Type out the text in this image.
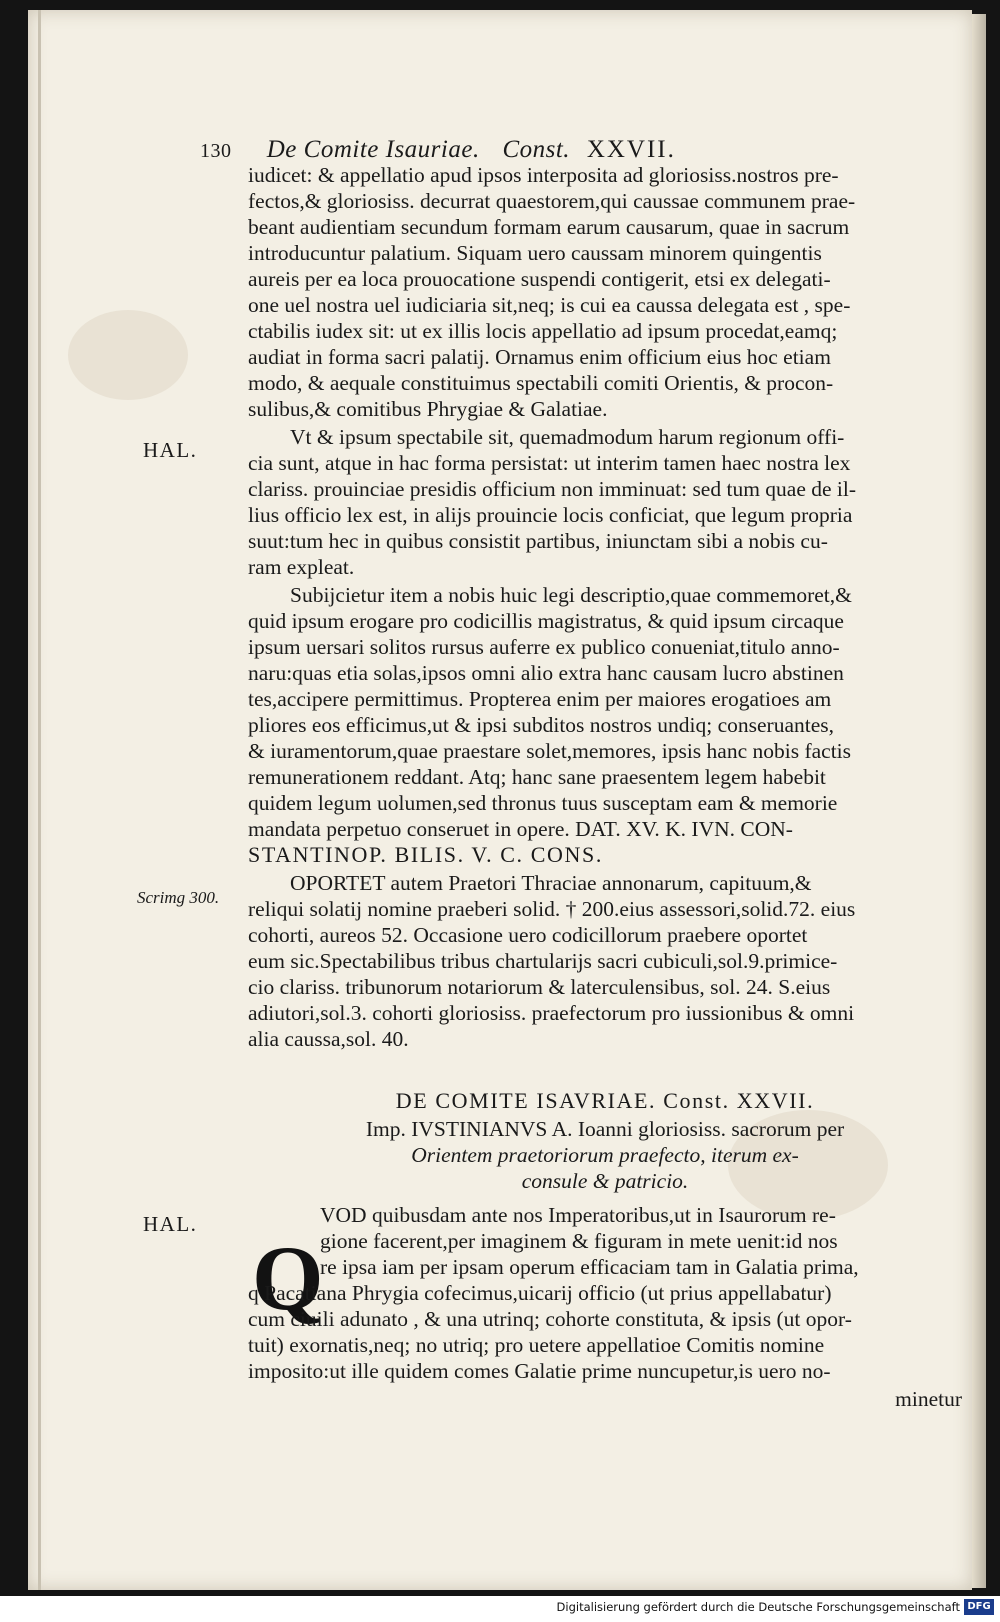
130 De Comite Isauriae. Const. XXVII.
iudicet: & appellatio apud ipsos interposita ad gloriosiss.nostros pre-
fectos,& gloriosiss. decurrat quaestorem,qui caussae communem prae-
beant audientiam secundum formam earum causarum, quae in sacrum
introducuntur palatium. Siquam uero caussam minorem quingentis
aureis per ea loca prouocatione suspendi contigerit, etsi ex delegati-
one uel nostra uel iudiciaria sit,neq; is cui ea caussa delegata est , spe-
ctabilis iudex sit: ut ex illis locis appellatio ad ipsum procedat,eamq;
audiat in forma sacri palatij. Ornamus enim officium eius hoc etiam
modo, & aequale constituimus spectabili comiti Orientis, & procon-
sulibus,& comitibus Phrygiae & Galatiae.
Vt & ipsum spectabile sit, quemadmodum harum regionum offi-
cia sunt, atque in hac forma persistat: ut interim tamen haec nostra lex
clariss. prouinciae presidis officium non imminuat: sed tum quae de il-
lius officio lex est, in alijs prouincie locis conficiat, que legum propria
suut:tum hec in quibus consistit partibus, iniunctam sibi a nobis cu-
ram expleat.
Subijcietur item a nobis huic legi descriptio,quae commemoret,&
quid ipsum erogare pro codicillis magistratus, & quid ipsum circaque
ipsum uersari solitos rursus auferre ex publico conueniat,titulo anno-
naru:quas etia solas,ipsos omni alio extra hanc causam lucro abstinen
tes,accipere permittimus. Propterea enim per maiores erogatioes am
pliores eos efficimus,ut & ipsi subditos nostros undiq; conseruantes,
& iuramentorum,quae praestare solet,memores, ipsis hanc nobis factis
remunerationem reddant. Atq; hanc sane praesentem legem habebit
quidem legum uolumen,sed thronus tuus susceptam eam & memorie
mandata perpetuo conseruet in opere. DAT. XV. K. IVN. CON-
STANTINOP. BILIS. V. C. CONS.
OPORTET autem Praetori Thraciae annonarum, capituum,&
reliqui solatij nomine praeberi solid. † 200.eius assessori,solid.72. eius
cohorti, aureos 52. Occasione uero codicillorum praebere oportet
eum sic.Spectabilibus tribus chartularijs sacri cubiculi,sol.9.primice-
cio clariss. tribunorum notariorum & laterculensibus, sol. 24. S.eius
adiutori,sol.3. cohorti gloriosiss. praefectorum pro iussionibus & omni
alia caussa,sol. 40.
DE COMITE ISAVRIAE. Const. XXVII.
Imp. IVSTINIANVS A. Ioanni gloriosiss. sacrorum per
Orientem praetoriorum praefecto, iterum ex-
consule & patricio.
Q
VOD quibusdam ante nos Imperatoribus,ut in Isaurorum re-
gione facerent,per imaginem & figuram in mete uenit:id nos
re ipsa iam per ipsam operum efficaciam tam in Galatia prima,
q Pacatiana Phrygia cofecimus,uicarij officio (ut prius appellabatur)
cum ciuili adunato , & una utrinq; cohorte constituta, & ipsis (ut opor-
tuit) exornatis,neq; no utriq; pro uetere appellatioe Comitis nomine
imposito:ut ille quidem comes Galatie prime nuncupetur,is uero no-
minetur
HAL.
Scrimg 300.
HAL.
Digitalisierung gefördert durch die Deutsche Forschungsgemeinschaft DFG
